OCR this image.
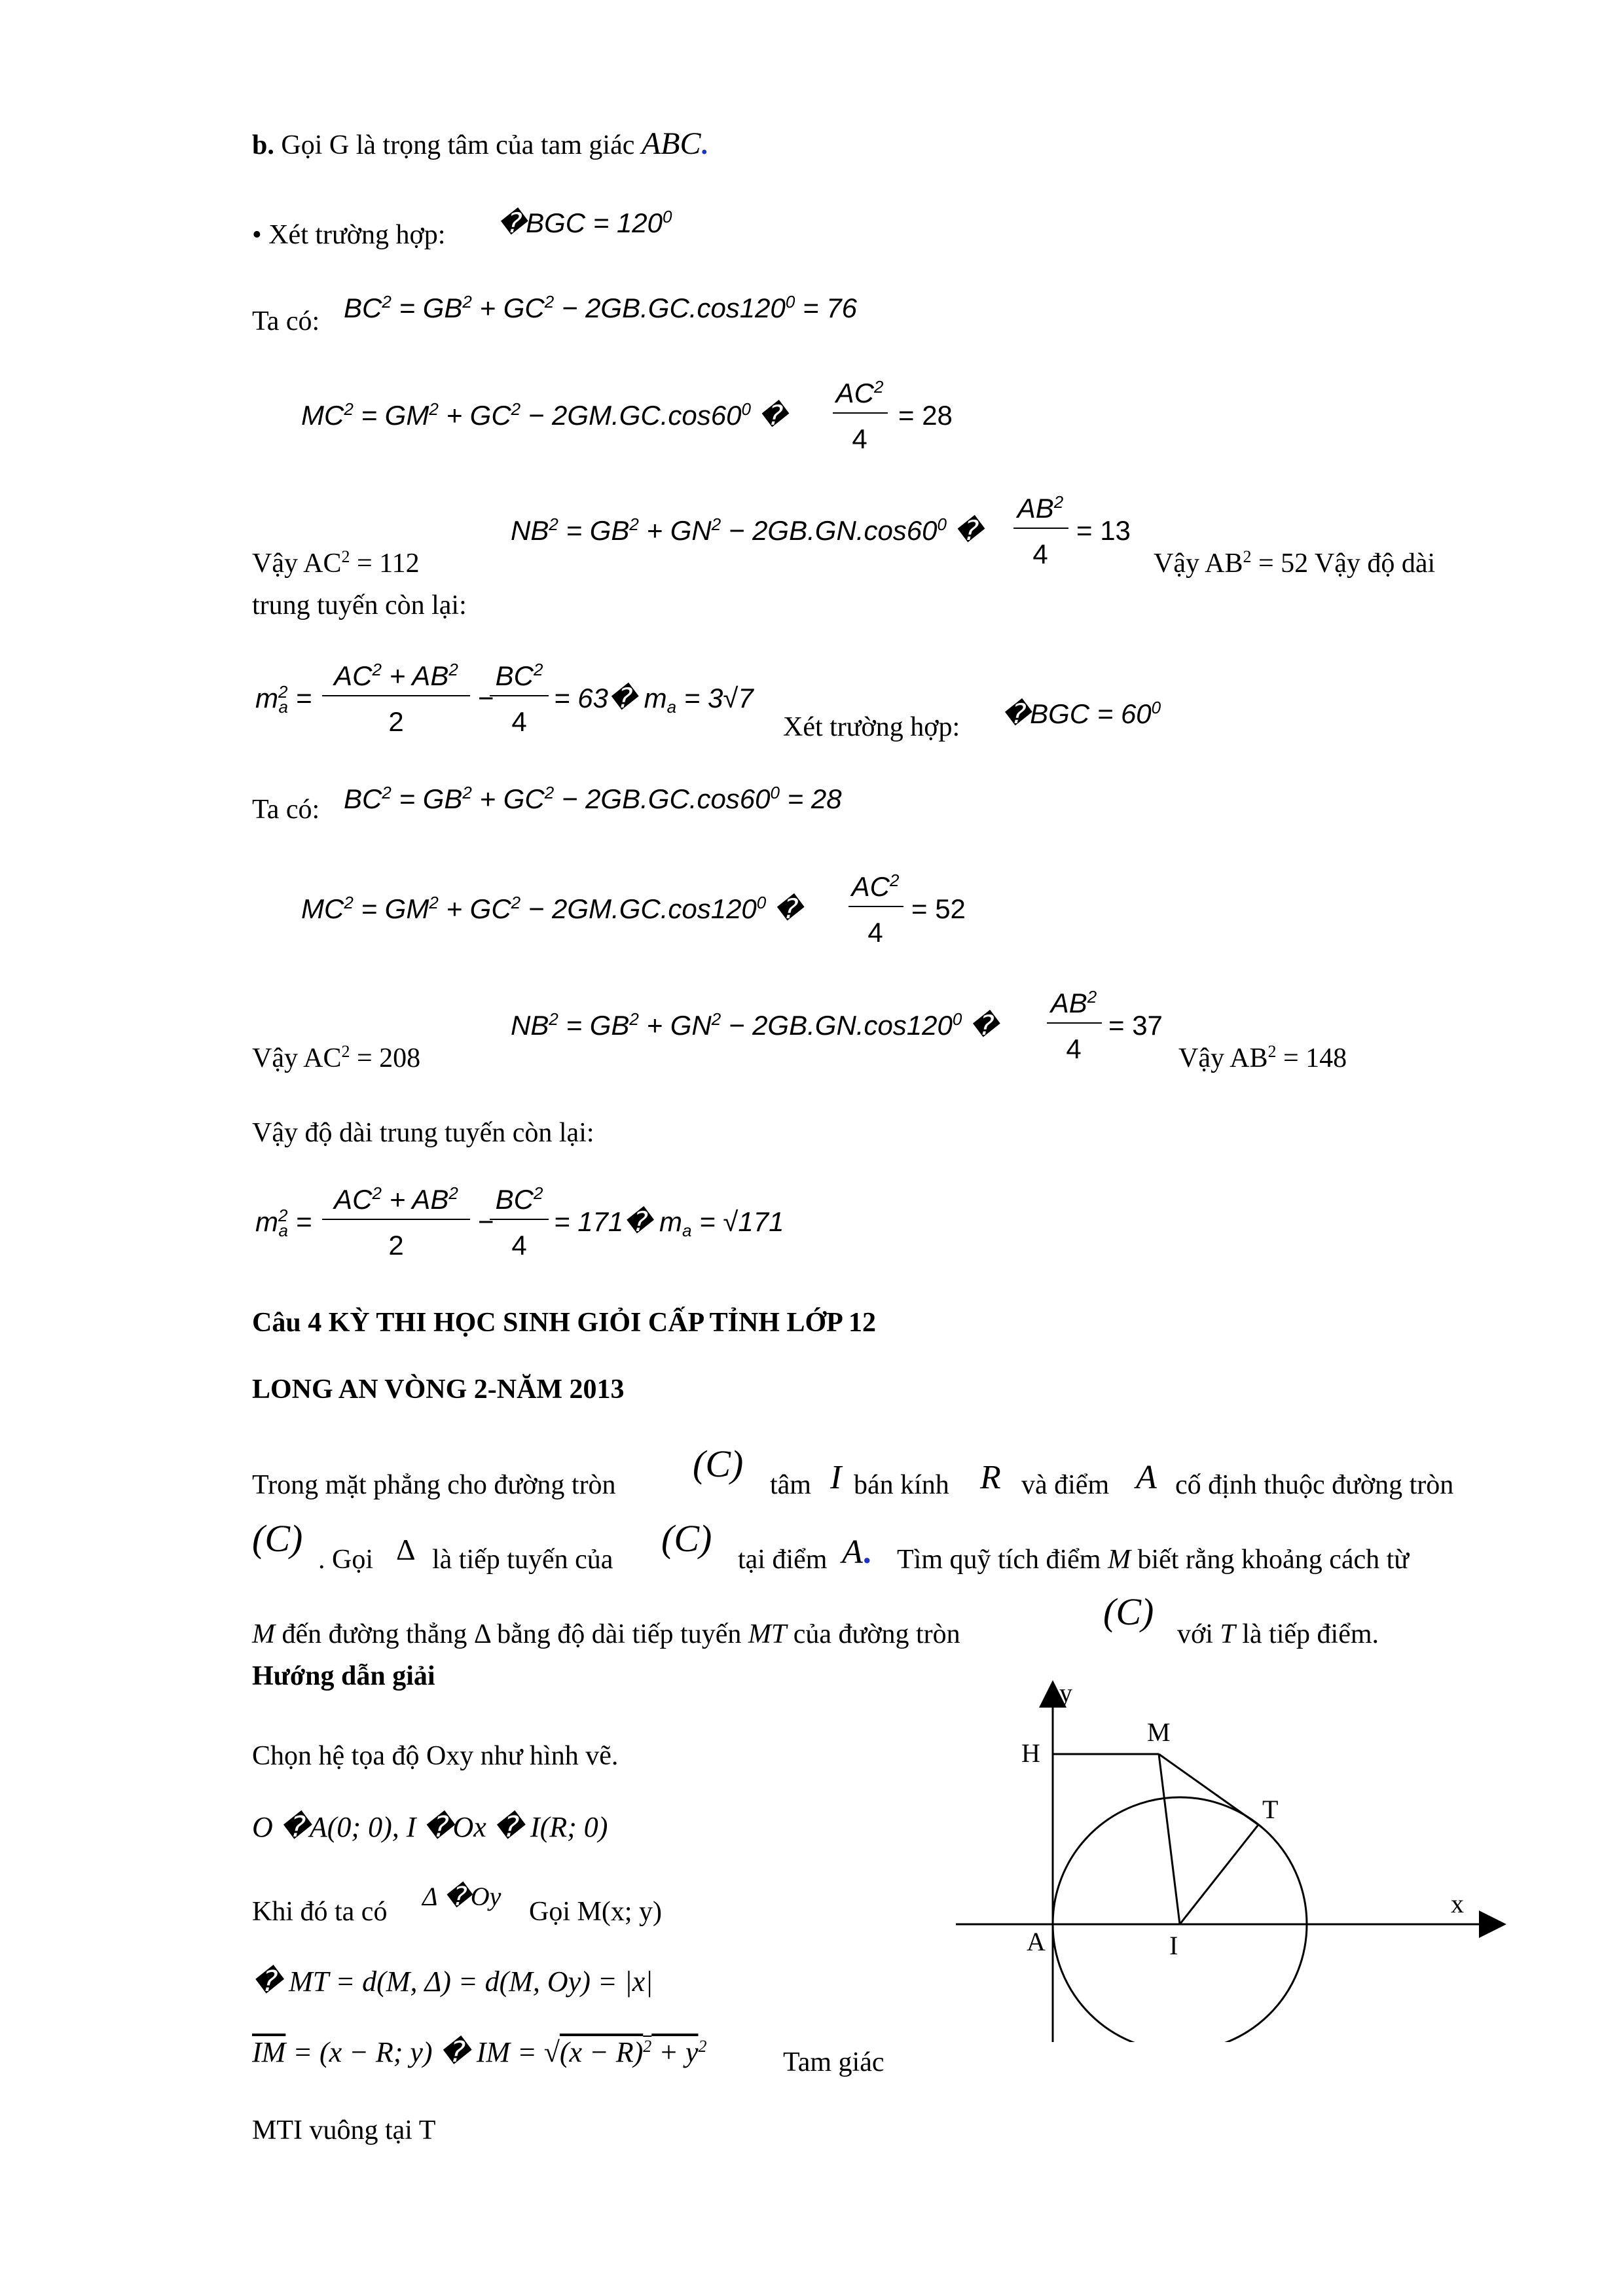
b. Gọi G là trọng tâm của tam giác ABC.
• Xét trường hợp: �BGC = $120^0$
Ta có: $BC^2 = GB^2 + GC^2 - 2GB.GC.\cos 120^0 = 76$
$MC^2 = GM^2 + GC^2 - 2GM.GC.\cos 60^0$ �
$AC^2$
4
= 28
$NB^2 = GB^2 + GN^2 - 2GB.GN.\cos 60^0$ �
$AB^2$
4
= 13
Vậy $AC^2 = 112$	Vậy $AB^2 = 52$ Vậy độ dài
trung tuyến còn lại:
$m^2_a$ =
$AC^2 + AB^2$
2
−
$BC^2$
4
= 63� $m_a = 3√7$
Xét trường hợp: �BGC = $60^0$
Ta có: $BC^2 = GB^2 + GC^2 - 2GB.GC.\cos 60^0 = 28$
$MC^2 = GM^2 + GC^2 - 2GM.GC.\cos 120^0$ �
$AC^2$
4
= 52
$NB^2 = GB^2 + GN^2 - 2GB.GN.\cos 120^0$ �
$AB^2$
4
= 37
Vậy $AC^2 = 208$	Vậy $AB^2 = 148$
Vậy độ dài trung tuyến còn lại:
$m^2_a$ =
$AC^2 + AB^2$
2
−
$BC^2$
4
= 171� $m_a = √171$
Câu 4 KỲ THI HỌC SINH GIỎI CẤP TỈNH LỚP 12
LONG AN VÒNG 2-NĂM 2013
Trong mặt phẳng cho đường tròn (C) tâm I bán kính R và điểm A cố định thuộc đường tròn
(C) . Gọi Δ là tiếp tuyến của (C) tại điểm A. Tìm quỹ tích điểm M biết rằng khoảng cách từ
M đến đường thẳng Δ bằng độ dài tiếp tuyến MT của đường tròn
(C)
với T là tiếp điểm.
Hướng dẫn giải
Chọn hệ tọa độ Oxy như hình vẽ.
O �A(0; 0), I �Ox � I(R; 0)
Khi đó ta có
Δ �Oy
Gọi M(x; y)
� MT = d(M, Δ) = d(M, Oy) = |x|
$\overline{IM} = (x - R$; y) � IM = $√(x - R)^2 + y^2$
Tam giác
MTI vuông tại T
y
x
H
M
T
A	I
